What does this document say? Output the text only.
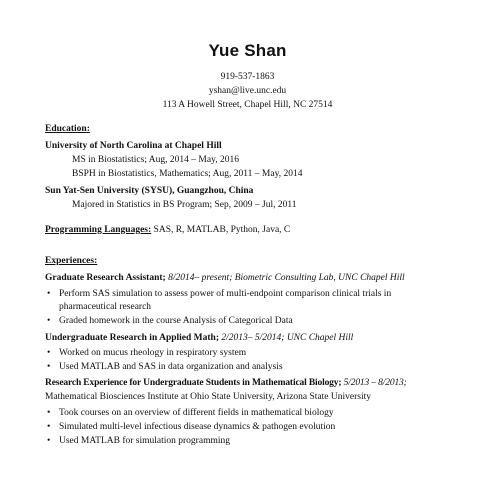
Yue Shan
919-537-1863
yshan@live.unc.edu
113 A Howell Street, Chapel Hill, NC 27514
Education:
University of North Carolina at Chapel Hill
MS in Biostatistics; Aug, 2014 – May, 2016
BSPH in Biostatistics, Mathematics; Aug, 2011 – May, 2014
Sun Yat-Sen University (SYSU), Guangzhou, China
Majored in Statistics in BS Program; Sep, 2009 – Jul, 2011
Programming Languages: SAS, R, MATLAB, Python, Java, C
Experiences:
Graduate Research Assistant; 8/2014– present; Biometric Consulting Lab, UNC Chapel Hill
• Perform SAS simulation to assess power of multi-endpoint comparison clinical trials in
pharmaceutical research
• Graded homework in the course Analysis of Categorical Data
Undergraduate Research in Applied Math; 2/2013– 5/2014; UNC Chapel Hill
• Worked on mucus rheology in respiratory system
• Used MATLAB and SAS in data organization and analysis
Research Experience for Undergraduate Students in Mathematical Biology; 5/2013 – 8/2013;
Mathematical Biosciences Institute at Ohio State University, Arizona State University
• Took courses on an overview of different fields in mathematical biology
• Simulated multi-level infectious disease dynamics & pathogen evolution
• Used MATLAB for simulation programming
